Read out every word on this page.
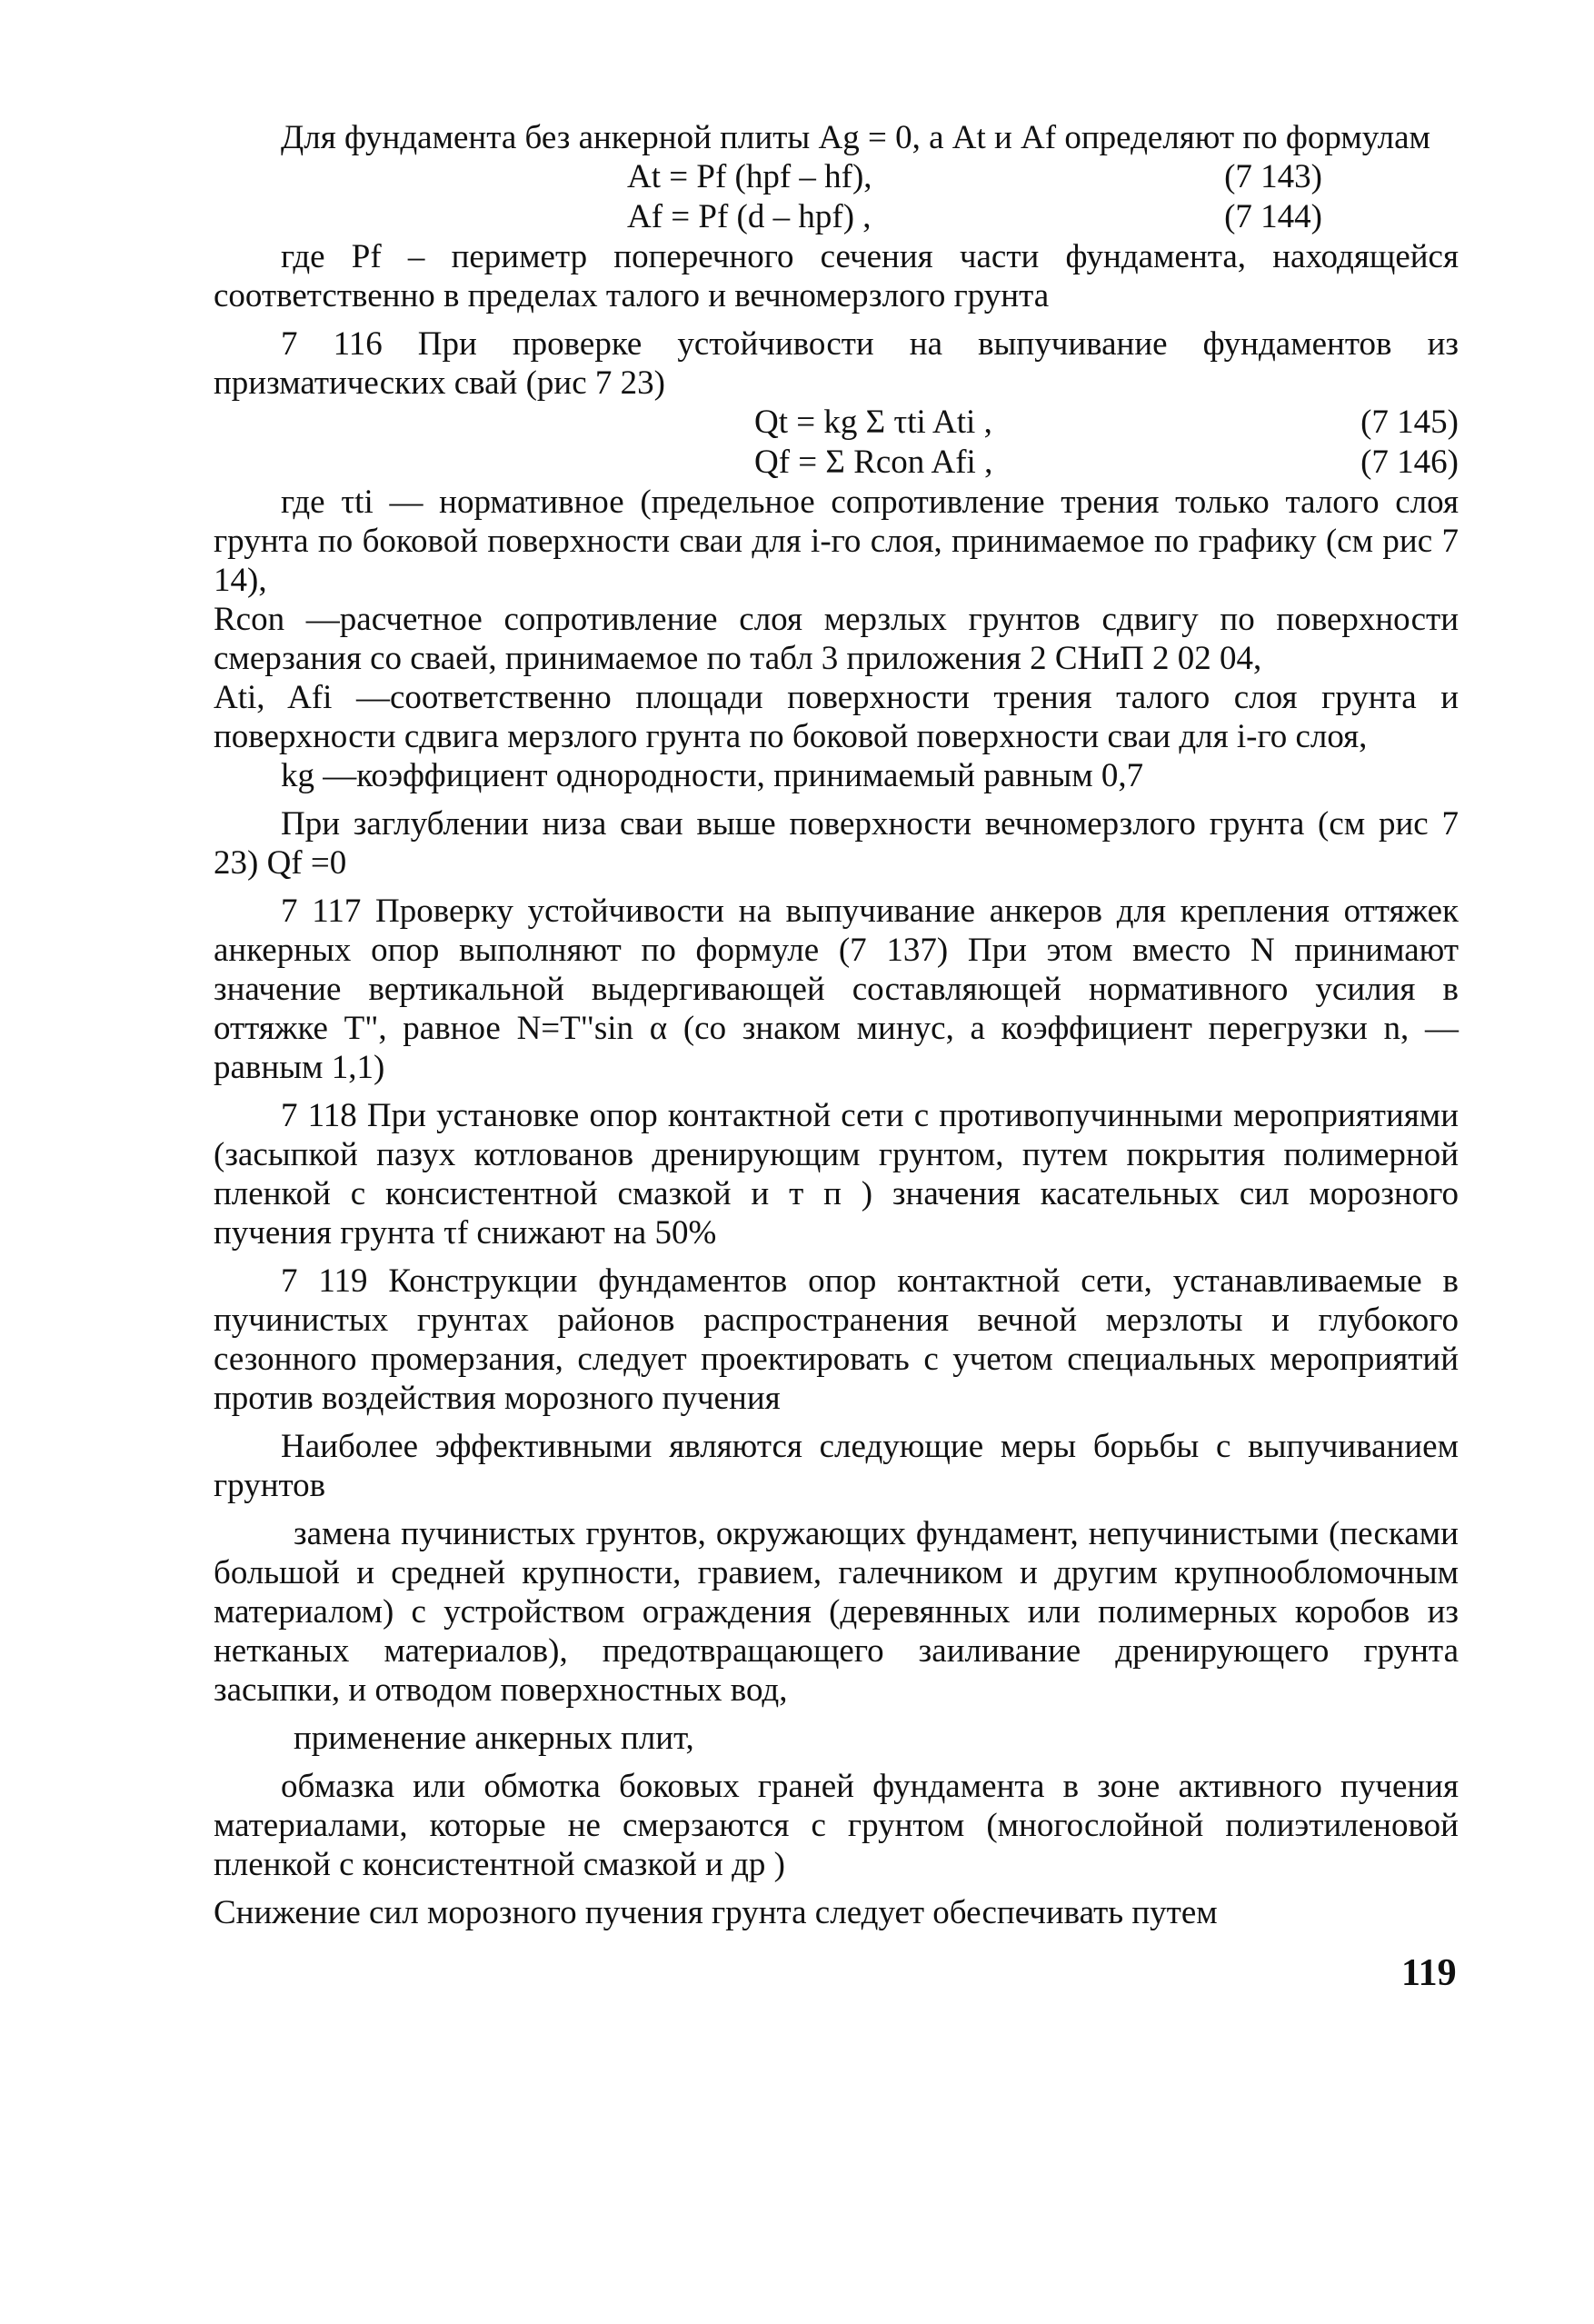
Для фундамента без анкерной плиты Ag = 0, а At и Af определяют по формулам

At = Pf (hpf – hf),	(7 143)
Af = Pf (d – hpf) ,	(7 144)

где Pf – периметр поперечного сечения части фундамента, находящейся соответственно в пределах талого и вечномерзлого грунта

7 116 При проверке устойчивости на выпучивание фундаментов из призматических свай (рис 7 23)

Qt = kg Σ τti Ati ,	(7 145)
Qf = Σ Rcon Afi ,	(7 146)

где τti — нормативное (предельное сопротивление трения только талого слоя грунта по боковой поверхности сваи для i-го слоя, принимаемое по графику (см рис 7 14),

Rcon —расчетное сопротивление слоя мерзлых грунтов сдвигу по поверхности смерзания со сваей, принимаемое по табл 3 приложения 2 СНиП 2 02 04,

Ati, Afi —соответственно площади поверхности трения талого слоя грунта и поверхности сдвига мерзлого грунта по боковой поверхности сваи для i-го слоя,

kg —коэффициент однородности, принимаемый равным 0,7

При заглублении низа сваи выше поверхности вечномерзлого грунта (см рис 7 23) Qf =0

7 117 Проверку устойчивости на выпучивание анкеров для крепления оттяжек анкерных опор выполняют по формуле (7 137) При этом вместо N принимают значение вертикальной выдергивающей составляющей нормативного усилия в оттяжке T", равное N=T"sin α (со знаком минус, а коэффициент перегрузки n, —равным 1,1)

7 118 При установке опор контактной сети с противопучинными мероприятиями (засыпкой пазух котлованов дренирующим грунтом, путем покрытия полимерной пленкой с консистентной смазкой и т п ) значения касательных сил морозного пучения грунта τf снижают на 50%

7 119 Конструкции фундаментов опор контактной сети, устанавливаемые в пучинистых грунтах районов распространения вечной мерзлоты и глубокого сезонного промерзания, следует проектировать с учетом специальных мероприятий против воздействия морозного пучения

Наиболее эффективными являются следующие меры борьбы с выпучиванием грунтов

замена пучинистых грунтов, окружающих фундамент, непучинистыми (песками большой и средней крупности, гравием, галечником и другим крупнообломочным материалом) с устройством ограждения (деревянных или полимерных коробов из нетканых материалов), предотвращающего заиливание дренирующего грунта засыпки, и отводом поверхностных вод,

применение анкерных плит,

обмазка или обмотка боковых граней фундамента в зоне активного пучения материалами, которые не смерзаются с грунтом (многослойной полиэтиленовой пленкой с консистентной смазкой и др )

Снижение сил морозного пучения грунта следует обеспечивать путем

119
